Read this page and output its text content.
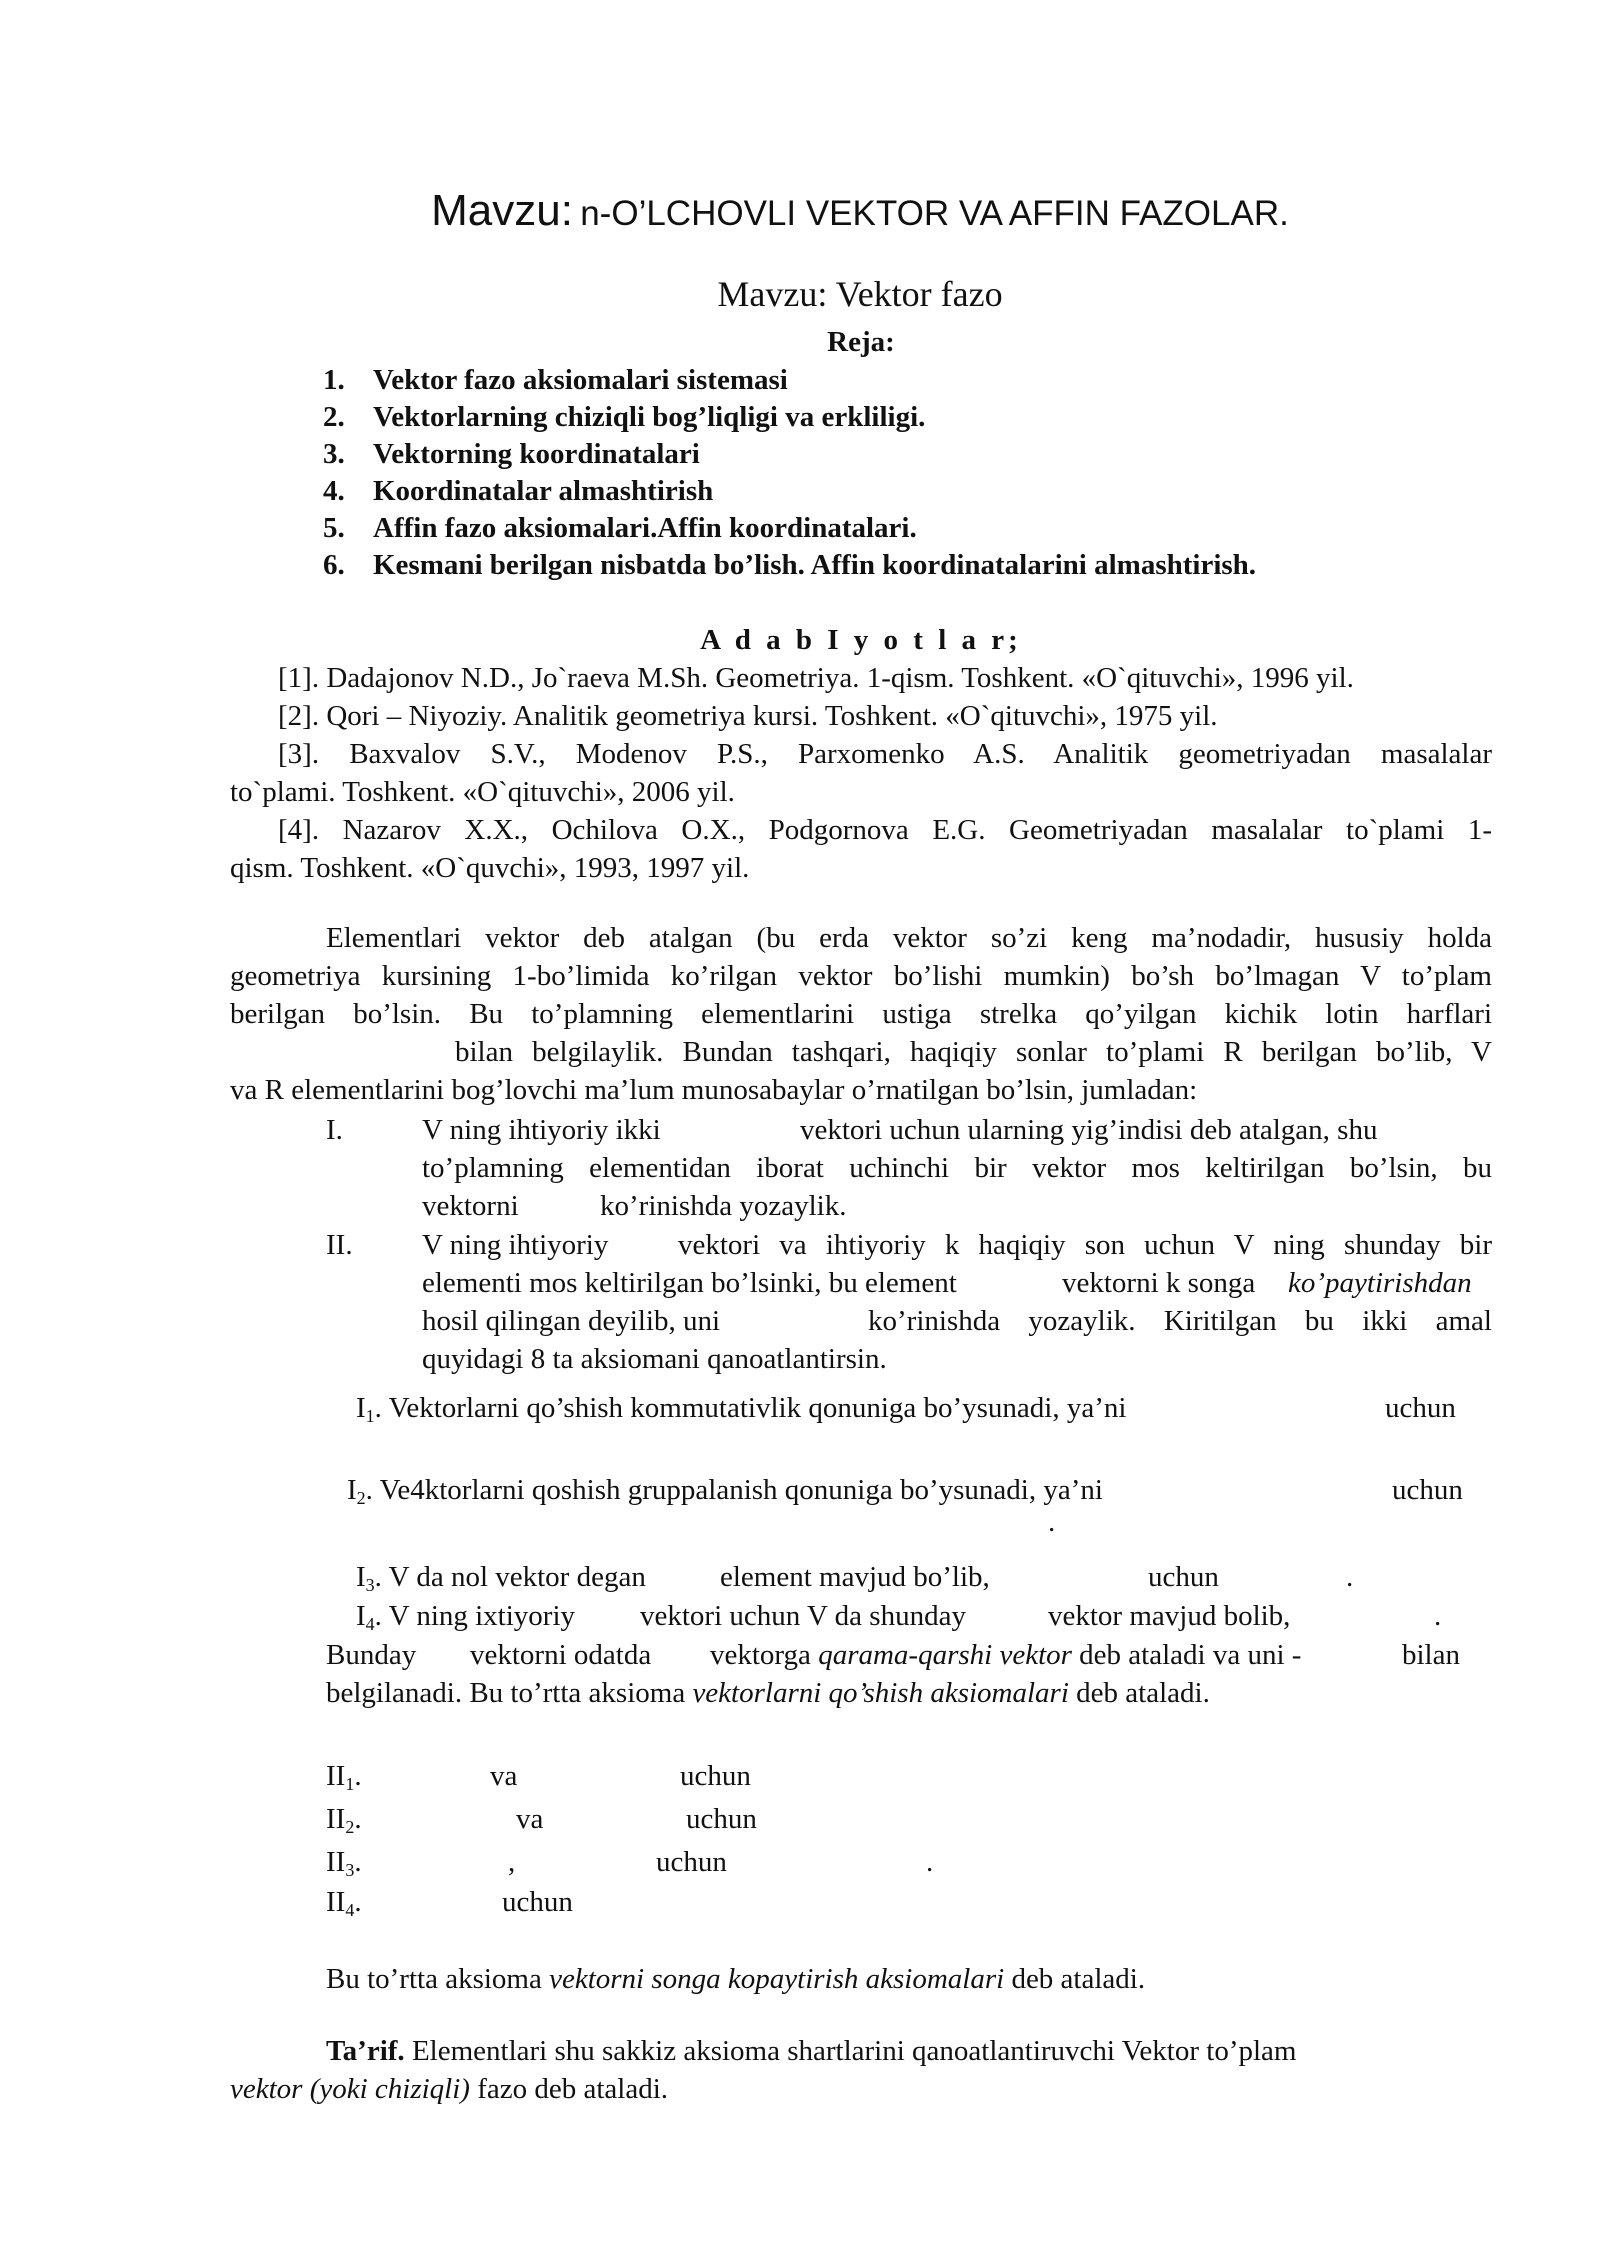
Mavzu: n-O’LCHOVLI VEKTOR VA AFFIN FAZOLAR.
Mavzu: Vektor fazo
Reja:
1. Vektor fazo aksiomalari sistemasi
2. Vektorlarning chiziqli bog’liqligi va erkliligi.
3. Vektorning koordinatalari
4. Koordinatalar almashtirish
5. Affin fazo aksiomalari.Affin koordinatalari.
6. Kesmani berilgan nisbatda bo’lish. Affin koordinatalarini almashtirish.
A d a b I y o t l a r;
[1]. Dadajonov N.D., Jo`raeva M.Sh. Geometriya. 1-qism. Toshkent. «O`qituvchi», 1996 yil.
[2]. Qori – Niyoziy. Analitik geometriya kursi. Toshkent. «O`qituvchi», 1975 yil.
[3]. Baxvalov S.V., Modenov P.S., Parxomenko A.S. Analitik geometriyadan masalalar
to`plami. Toshkent. «O`qituvchi», 2006 yil.
[4]. Nazarov X.X., Ochilova O.X., Podgornova E.G. Geometriyadan masalalar to`plami 1-
qism. Toshkent. «O`quvchi», 1993, 1997 yil.
Elementlari vektor deb atalgan (bu erda vektor so’zi keng ma’nodadir, hususiy holda
geometriya kursining 1-bo’limida ko’rilgan vektor bo’lishi mumkin) bo’sh bo’lmagan V to’plam
berilgan bo’lsin. Bu to’plamning elementlarini ustiga strelka qo’yilgan kichik lotin harflari
bilan belgilaylik. Bundan tashqari, haqiqiy sonlar to’plami R berilgan bo’lib, V
va R elementlarini bog’lovchi ma’lum munosabaylar o’rnatilgan bo’lsin, jumladan:
I.	V ning ihtiyoriy ikki	vektori uchun ularning yig’indisi deb atalgan, shu
to’plamning elementidan iborat uchinchi bir vektor mos keltirilgan bo’lsin, bu
vektorni	ko’rinishda yozaylik.
II. V ning ihtiyoriy vektori va ihtiyoriy k haqiqiy son uchun V ning shunday bir
elementi mos keltirilgan bo’lsinki, bu element	vektorni k songa ko’paytirishdan
hosil qilingan deyilib, uni	ko’rinishda yozaylik. Kiritilgan bu ikki amal
quyidagi 8 ta aksiomani qanoatlantirsin.
$I_1$. Vektorlarni qo’shish kommutativlik qonuniga bo’ysunadi, ya’ni	uchun
$I_2$. Ve4ktorlarni qoshish gruppalanish qonuniga bo’ysunadi, ya’ni	uchun
.
$I_3$. V da nol vektor degan	element mavjud bo’lib,	uchun	.
$I_4$. V ning ixtiyoriy vektori uchun V da shunday	vektor mavjud bolib,	.
Bunday vektorni odatda vektorga qarama-qarshi vektor deb ataladi va uni -	bilan
belgilanadi. Bu to’rtta aksioma vektorlarni qo’shish aksiomalari deb ataladi.
$II_1$.	va	uchun
$II_2$.	va	uchun
$II_3$.	,	uchun	.
$II_4$.	uchun
Bu to’rtta aksioma vektorni songa kopaytirish aksiomalari deb ataladi.
Ta’rif. Elementlari shu sakkiz aksioma shartlarini qanoatlantiruvchi Vektor to’plam
vektor (yoki chiziqli) fazo deb ataladi.
